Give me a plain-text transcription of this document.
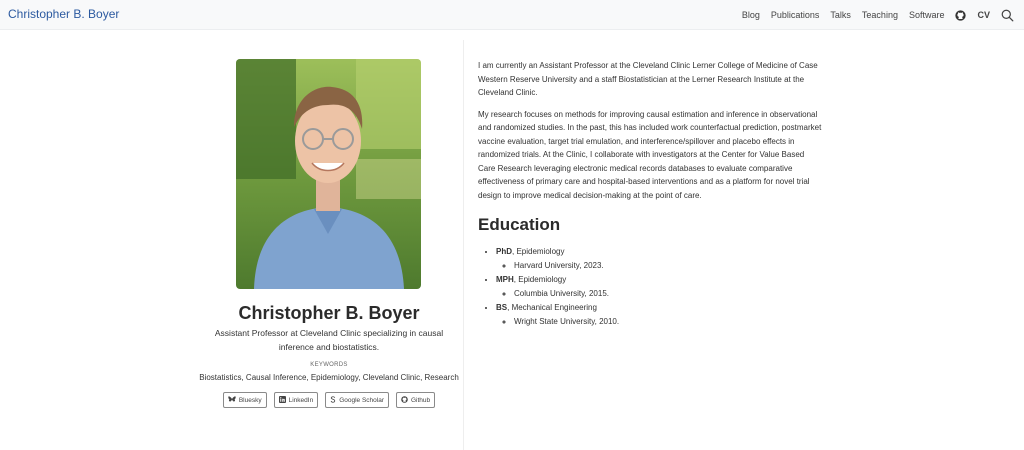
Christopher B. Boyer	Blog Publications Talks Teaching Software	CV
Christopher B. Boyer
Assistant Professor at Cleveland Clinic specializing in causal inference and biostatistics.
KEYWORDS
Biostatistics, Causal Inference, Epidemiology, Cleveland Clinic, Research
Bluesky	LinkedIn	Google Scholar	Github

I am currently an Assistant Professor at the Cleveland Clinic Lerner College of Medicine of Case Western Reserve University and a staff Biostatistician at the Lerner Research Institute at the Cleveland Clinic.

My research focuses on methods for improving causal estimation and inference in observational and randomized studies. In the past, this has included work counterfactual prediction, postmarket vaccine evaluation, target trial emulation, and interference/spillover and placebo effects in randomized trials. At the Clinic, I collaborate with investigators at the Center for Value Based Care Research leveraging electronic medical records databases to evaluate comparative effectiveness of primary care and hospital-based interventions and as a platform for novel trial design to improve medical decision-making at the point of care.

Education
• PhD, Epidemiology
◦ Harvard University, 2023.
• MPH, Epidemiology
◦ Columbia University, 2015.
• BS, Mechanical Engineering
◦ Wright State University, 2010.
